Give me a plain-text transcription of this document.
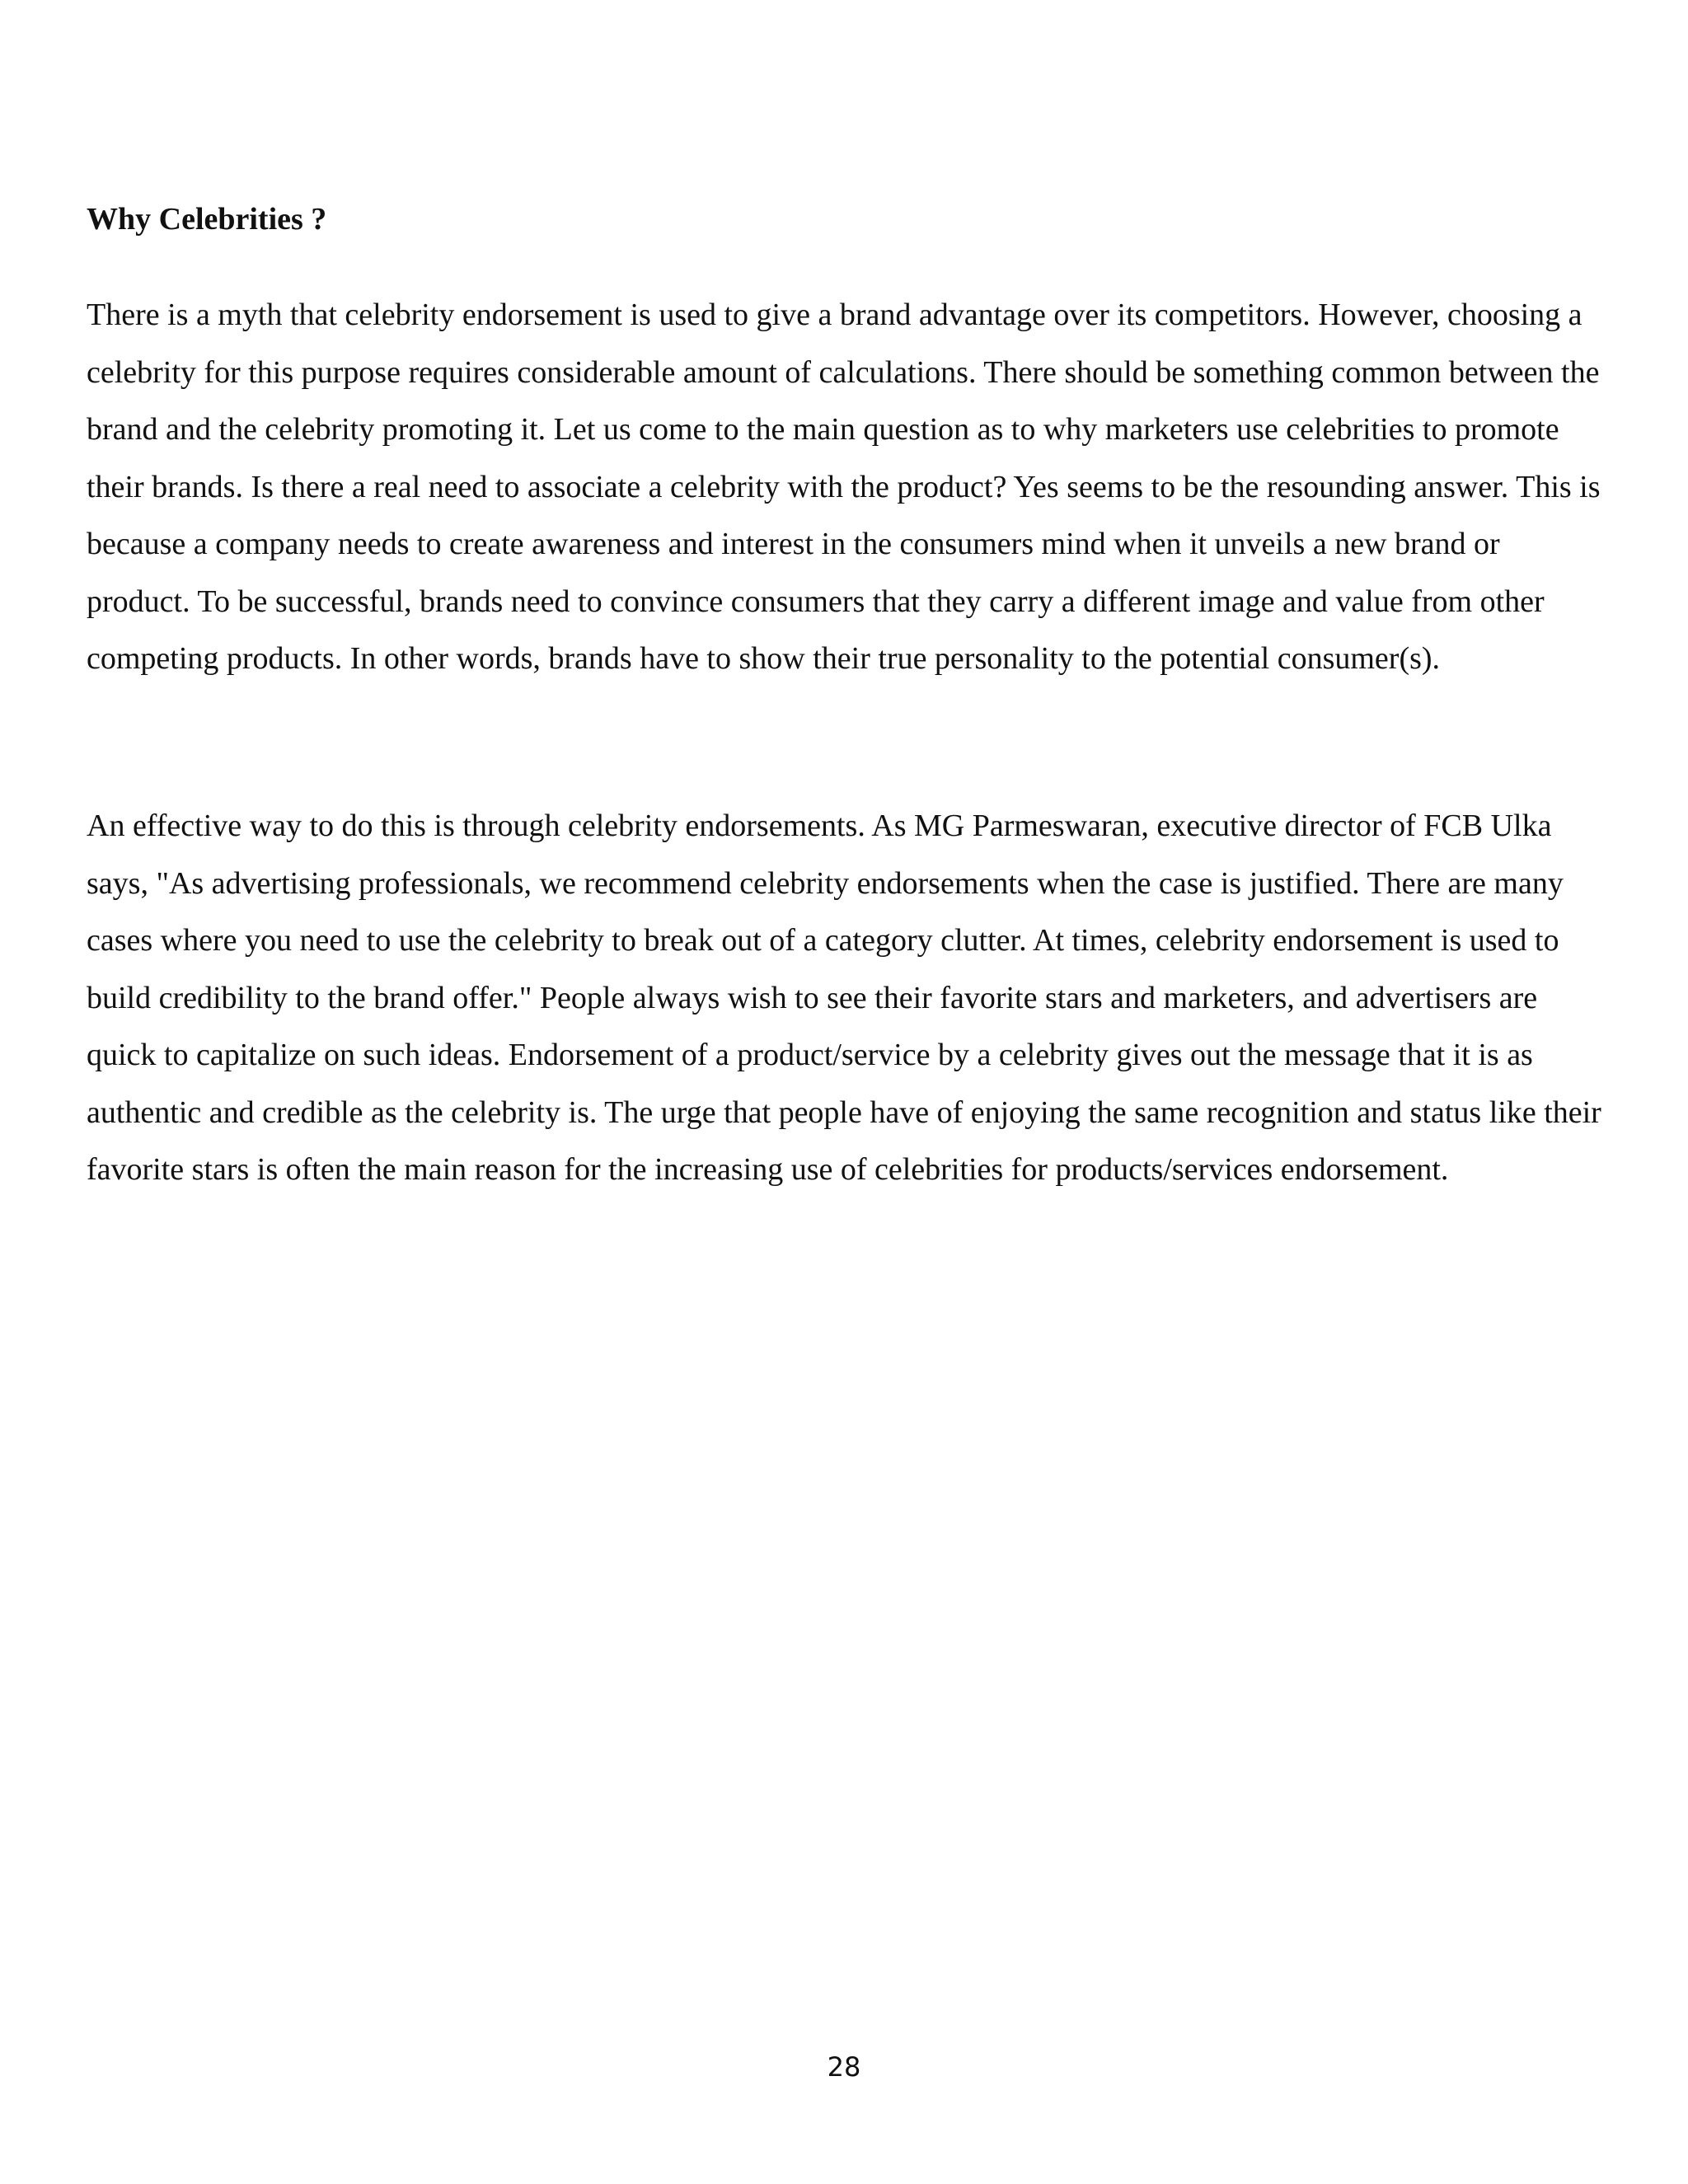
Why Celebrities ?

There is a myth that celebrity endorsement is used to give a brand advantage over its competitors. However, choosing a celebrity for this purpose requires considerable amount of calculations. There should be something common between the brand and the celebrity promoting it. Let us come to the main question as to why marketers use celebrities to promote their brands. Is there a real need to associate a celebrity with the product? Yes seems to be the resounding answer. This is because a company needs to create awareness and interest in the consumers mind when it unveils a new brand or product. To be successful, brands need to convince consumers that they carry a different image and value from other competing products. In other words, brands have to show their true personality to the potential consumer(s).

An effective way to do this is through celebrity endorsements. As MG Parmeswaran, executive director of FCB Ulka says, "As advertising professionals, we recommend celebrity endorsements when the case is justified. There are many cases where you need to use the celebrity to break out of a category clutter. At times, celebrity endorsement is used to build credibility to the brand offer." People always wish to see their favorite stars and marketers, and advertisers are quick to capitalize on such ideas. Endorsement of a product/service by a celebrity gives out the message that it is as authentic and credible as the celebrity is. The urge that people have of enjoying the same recognition and status like their favorite stars is often the main reason for the increasing use of celebrities for products/services endorsement.

28
